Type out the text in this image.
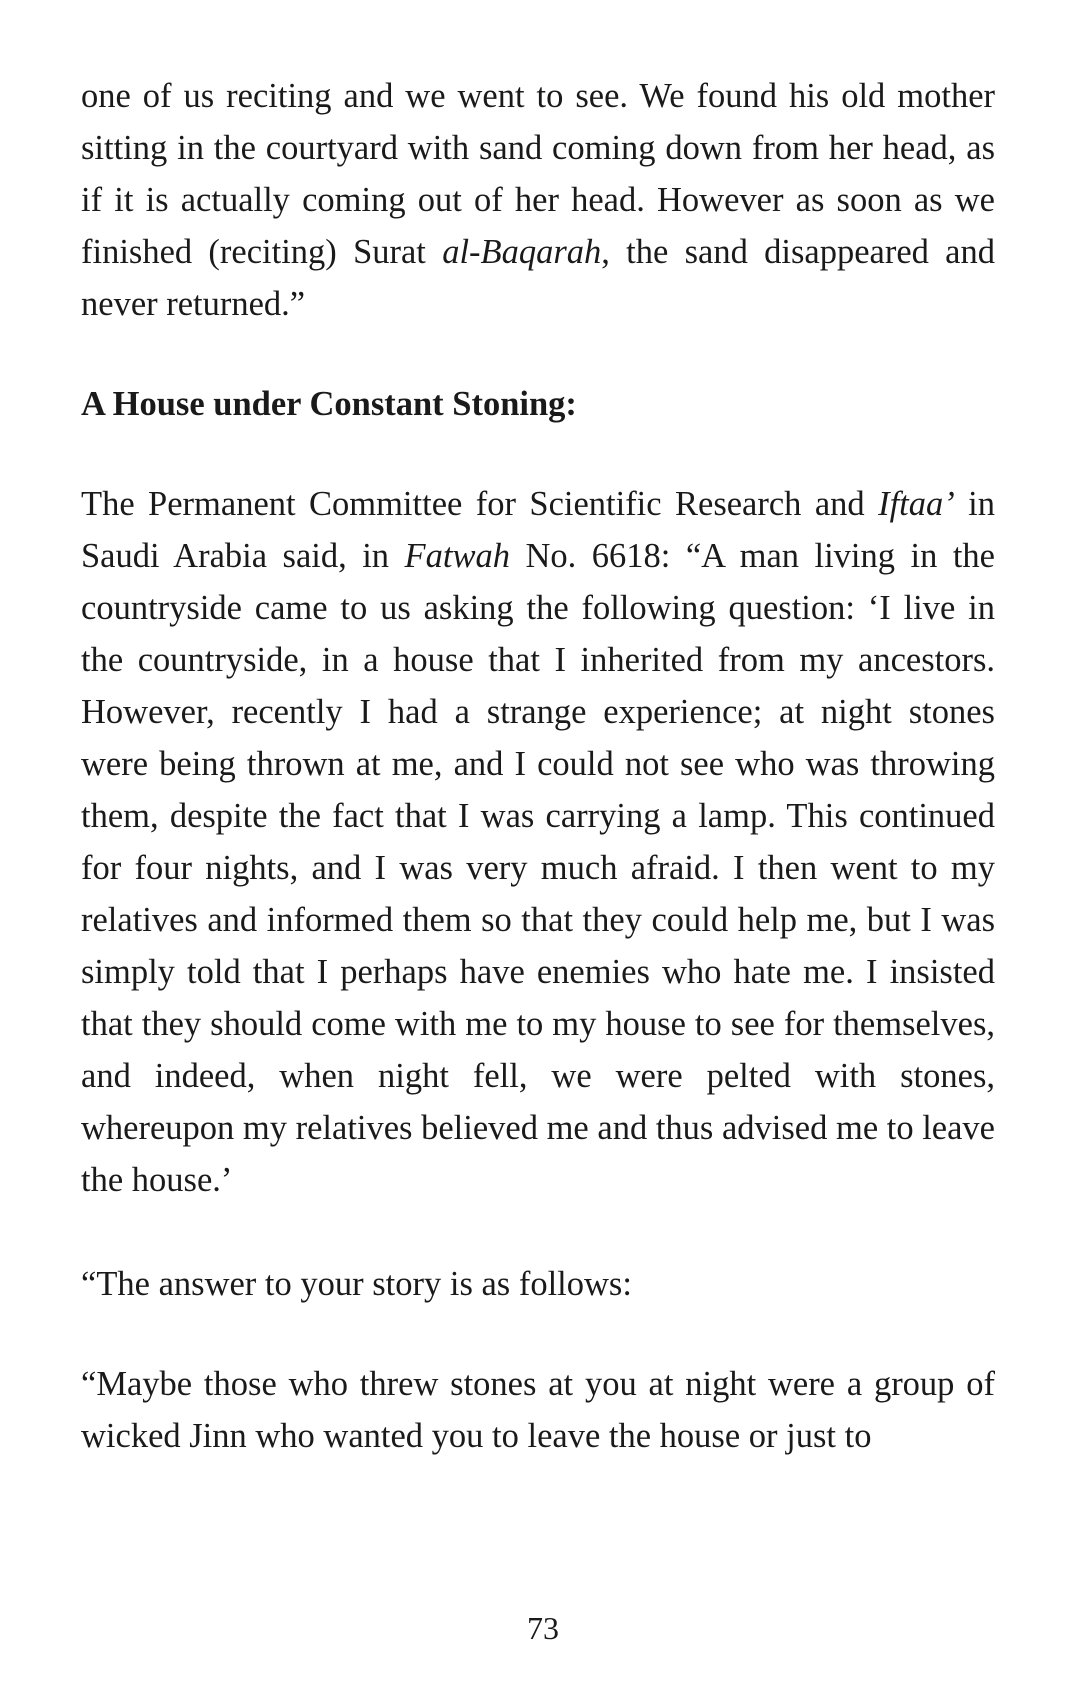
one of us reciting and we went to see. We found his old mother sitting in the courtyard with sand coming down from her head, as if it is actually coming out of her head. However as soon as we finished (reciting) Surat al-Baqarah, the sand disappeared and never returned.”

A House under Constant Stoning:

The Permanent Committee for Scientific Research and Iftaa’ in Saudi Arabia said, in Fatwah No. 6618: “A man living in the countryside came to us asking the following question: ‘I live in the countryside, in a house that I inherited from my ancestors. However, recently I had a strange experience; at night stones were being thrown at me, and I could not see who was throwing them, despite the fact that I was carrying a lamp. This continued for four nights, and I was very much afraid. I then went to my relatives and informed them so that they could help me, but I was simply told that I perhaps have enemies who hate me. I insisted that they should come with me to my house to see for themselves, and indeed, when night fell, we were pelted with stones, whereupon my relatives believed me and thus advised me to leave the house.’

“The answer to your story is as follows:

“Maybe those who threw stones at you at night were a group of wicked Jinn who wanted you to leave the house or just to

73
